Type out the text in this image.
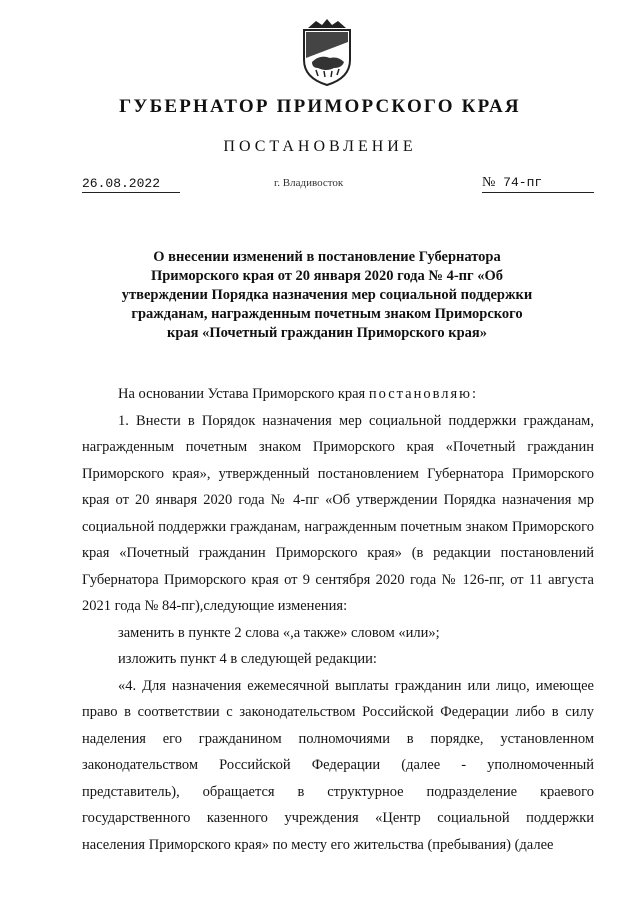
ГУБЕРНАТОР ПРИМОРСКОГО КРАЯ
ПОСТАНОВЛЕНИЕ
26.08.2022	г. Владивосток	№ 74-пг
О внесении изменений в постановление Губернатора Приморского края от 20 января 2020 года № 4-пг «Об утверждении Порядка назначения мер социальной поддержки гражданам, награжденным почетным знаком Приморского края «Почетный гражданин Приморского края»

На основании Устава Приморского края постановляю:

1. Внести в Порядок назначения мер социальной поддержки гражданам, награжденным почетным знаком Приморского края «Почетный гражданин Приморского края», утвержденный постановлением Губернатора Приморского края от 20 января 2020 года № 4-пг «Об утверждении Порядка назначения мр социальной поддержки гражданам, награжденным почетным знаком Приморского края «Почетный гражданин Приморского края» (в редакции постановлений Губернатора Приморского края от 9 сентября 2020 года № 126-пг, от 11 августа 2021 года № 84-пг),следующие изменения:

заменить в пункте 2 слова «,а также» словом «или»;

изложить пункт 4 в следующей редакции:

«4. Для назначения ежемесячной выплаты гражданин или лицо, имеющее право в соответствии с законодательством Российской Федерации либо в силу наделения его гражданином полномочиями в порядке, установленном законодательством Российской Федерации (далее - уполномоченный представитель), обращается в структурное подразделение краевого государственного казенного учреждения «Центр социальной поддержки населения Приморского края» по месту его жительства (пребывания) (далее
